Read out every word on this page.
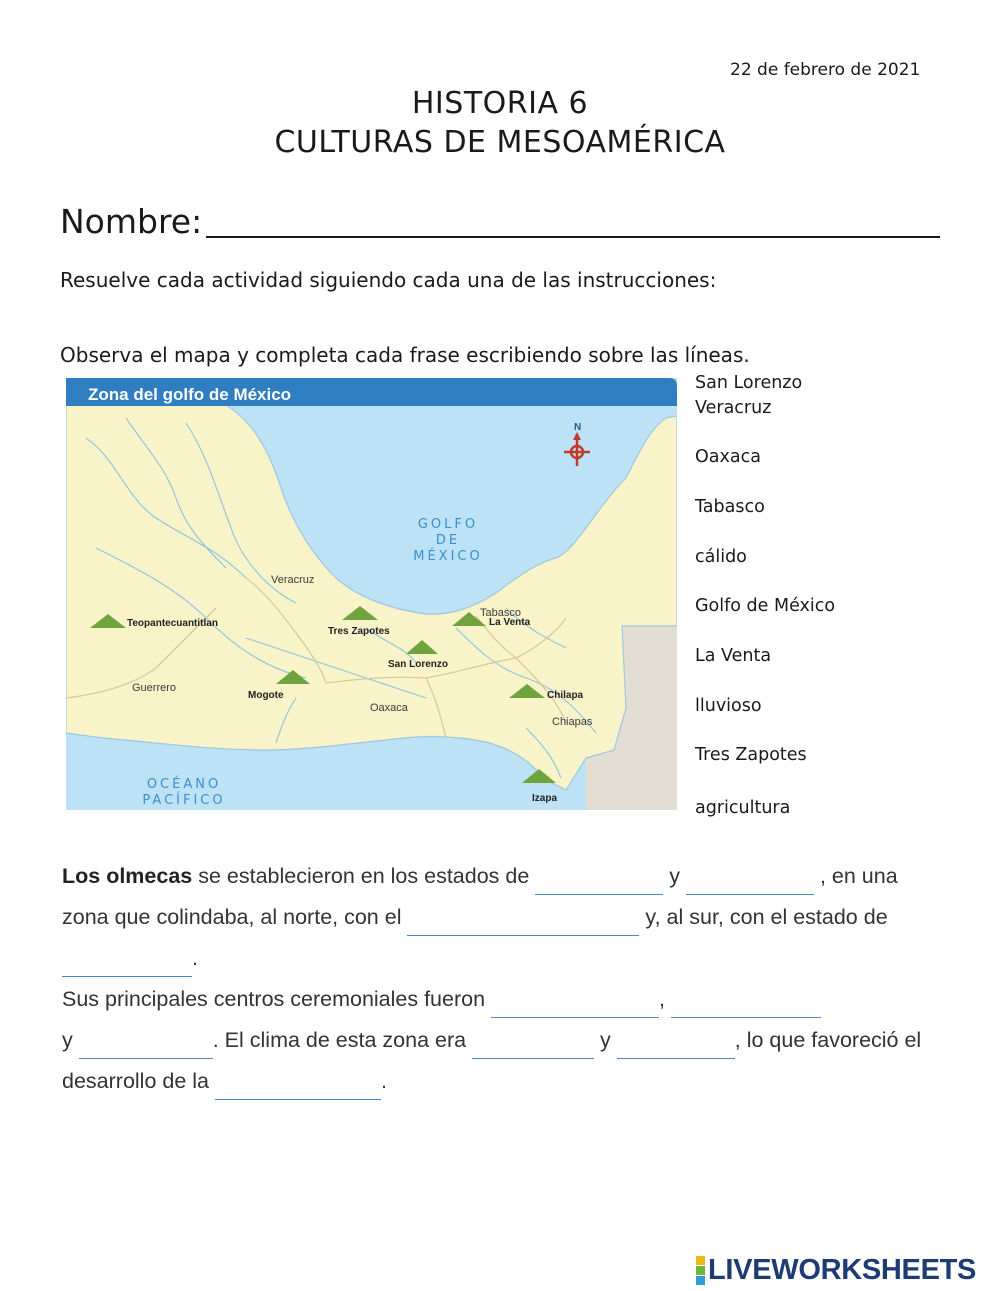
22 de febrero de 2021
HISTORIA 6
CULTURAS DE MESOAMÉRICA
Nombre:
Resuelve cada actividad siguiendo cada una de las instrucciones:
Observa el mapa y completa cada frase escribiendo sobre las líneas.
Zona del golfo de México
N
GOLFO
DE
MÉXICO
OCÉANO
PACÍFICO
Veracruz
Tabasco
Guerrero
Oaxaca
Chiapas
Teopantecuantitlan
Tres Zapotes
La Venta
San Lorenzo
Mogote	Chilapa
Izapa
San Lorenzo
Veracruz
Oaxaca
Tabasco
cálido
Golfo de México
La Venta
lluvioso
Tres Zapotes
agricultura
Los olmecas se establecieron en los estados de	y	, en una zona que colindaba, al norte, con el	y, al sur, con el estado de .
Sus principales centros ceremoniales fueron	,
y	. El clima de esta zona era	y	, lo que favoreció el desarrollo de la	.
LIVEWORKSHEETS
